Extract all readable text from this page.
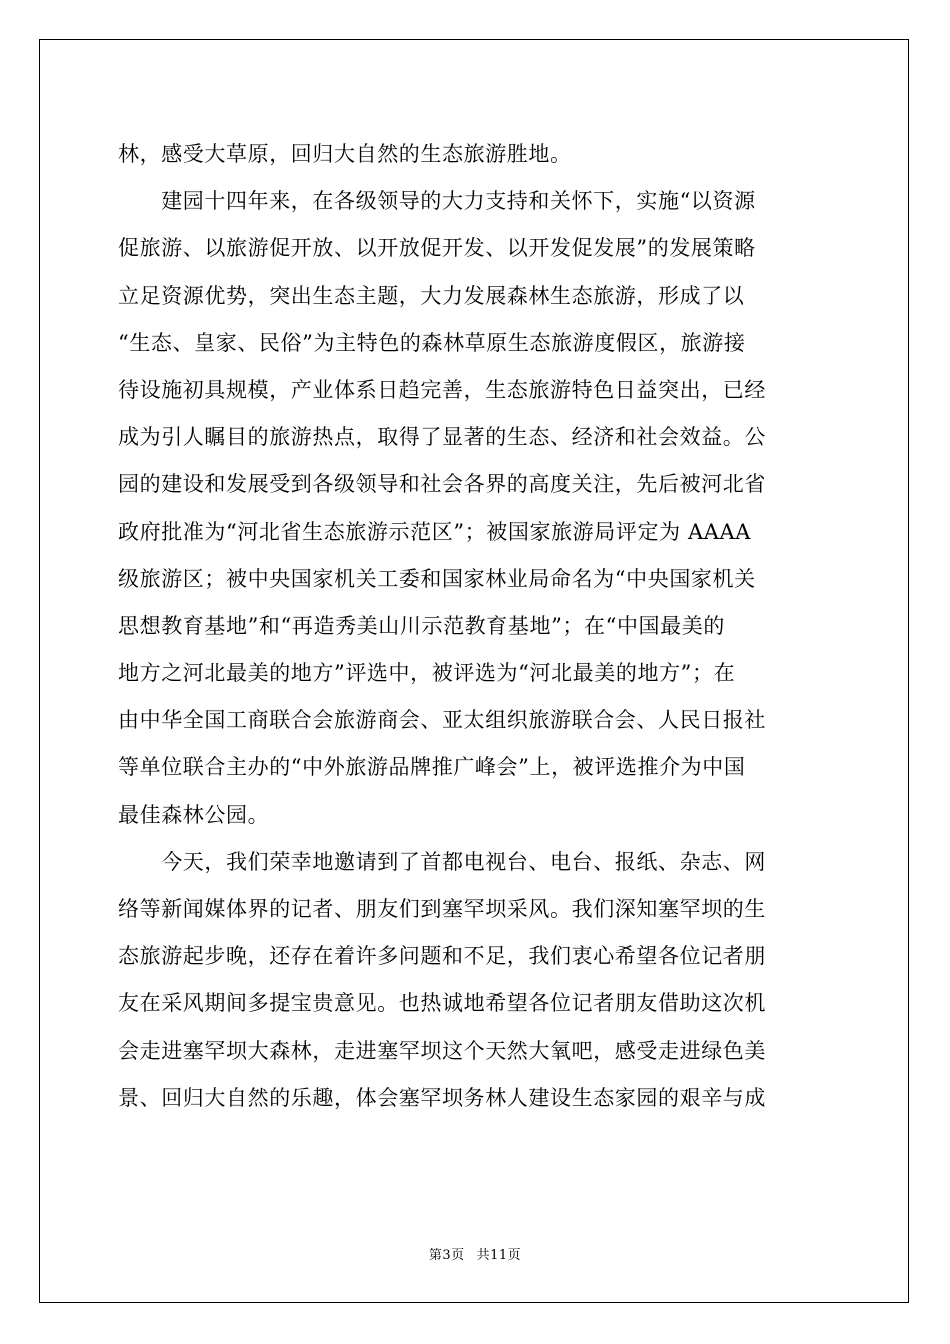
林，感受大草原，回归大自然的生态旅游胜地。
　　建园十四年来，在各级领导的大力支持和关怀下，实施“以资源
促旅游、以旅游促开放、以开放促开发、以开发促发展”的发展策略
立足资源优势，突出生态主题，大力发展森林生态旅游，形成了以
“生态、皇家、民俗”为主特色的森林草原生态旅游度假区，旅游接
待设施初具规模，产业体系日趋完善，生态旅游特色日益突出，已经
成为引人瞩目的旅游热点，取得了显著的生态、经济和社会效益。公
园的建设和发展受到各级领导和社会各界的高度关注，先后被河北省
政府批准为“河北省生态旅游示范区”；被国家旅游局评定为 AAAA
级旅游区；被中央国家机关工委和国家林业局命名为“中央国家机关
思想教育基地”和“再造秀美山川示范教育基地”；在“中国最美的
地方之河北最美的地方”评选中，被评选为“河北最美的地方”；在
由中华全国工商联合会旅游商会、亚太组织旅游联合会、人民日报社
等单位联合主办的“中外旅游品牌推广峰会”上，被评选推介为中国
最佳森林公园。
　　今天，我们荣幸地邀请到了首都电视台、电台、报纸、杂志、网
络等新闻媒体界的记者、朋友们到塞罕坝采风。我们深知塞罕坝的生
态旅游起步晚，还存在着许多问题和不足，我们衷心希望各位记者朋
友在采风期间多提宝贵意见。也热诚地希望各位记者朋友借助这次机
会走进塞罕坝大森林，走进塞罕坝这个天然大氧吧，感受走进绿色美
景、回归大自然的乐趣，体会塞罕坝务林人建设生态家园的艰辛与成
第3页 共11页
